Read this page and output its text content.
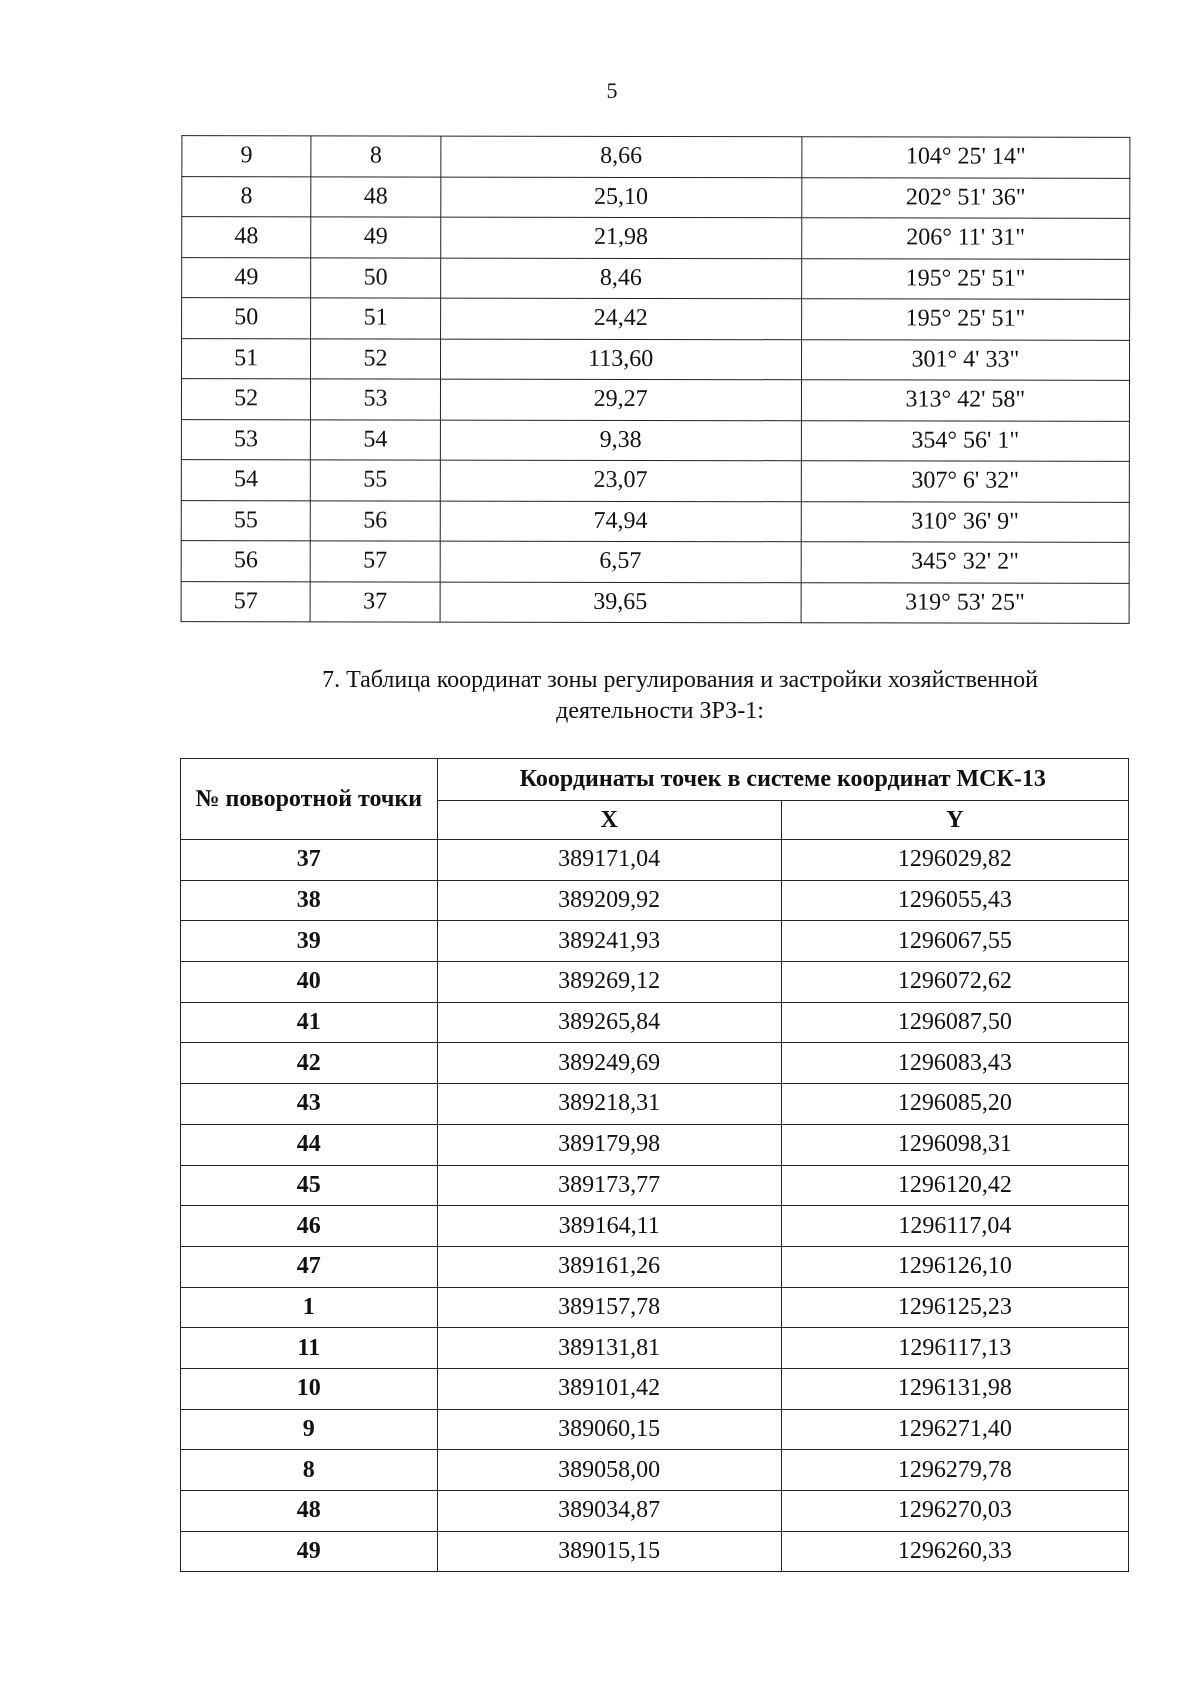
5
9	8	8,66	104° 25' 14"
8	48	25,10	202° 51' 36"
48	49	21,98	206° 11' 31"
49	50	8,46	195° 25' 51"
50	51	24,42	195° 25' 51"
51	52	113,60	301° 4' 33"
52	53	29,27	313° 42' 58"
53	54	9,38	354° 56' 1"
54	55	23,07	307° 6' 32"
55	56	74,94	310° 36' 9"
56	57	6,57	345° 32' 2"
57	37	39,65	319° 53' 25"
7. Таблица координат зоны регулирования и застройки хозяйственной
деятельности ЗРЗ-1:
№ поворотной точки	Координаты точек в системе координат МСК-13	
	X	Y
37	389171,04	1296029,82
38	389209,92	1296055,43
39	389241,93	1296067,55
40	389269,12	1296072,62
41	389265,84	1296087,50
42	389249,69	1296083,43
43	389218,31	1296085,20
44	389179,98	1296098,31
45	389173,77	1296120,42
46	389164,11	1296117,04
47	389161,26	1296126,10
1	389157,78	1296125,23
11	389131,81	1296117,13
10	389101,42	1296131,98
9	389060,15	1296271,40
8	389058,00	1296279,78
48	389034,87	1296270,03
49	389015,15	1296260,33
